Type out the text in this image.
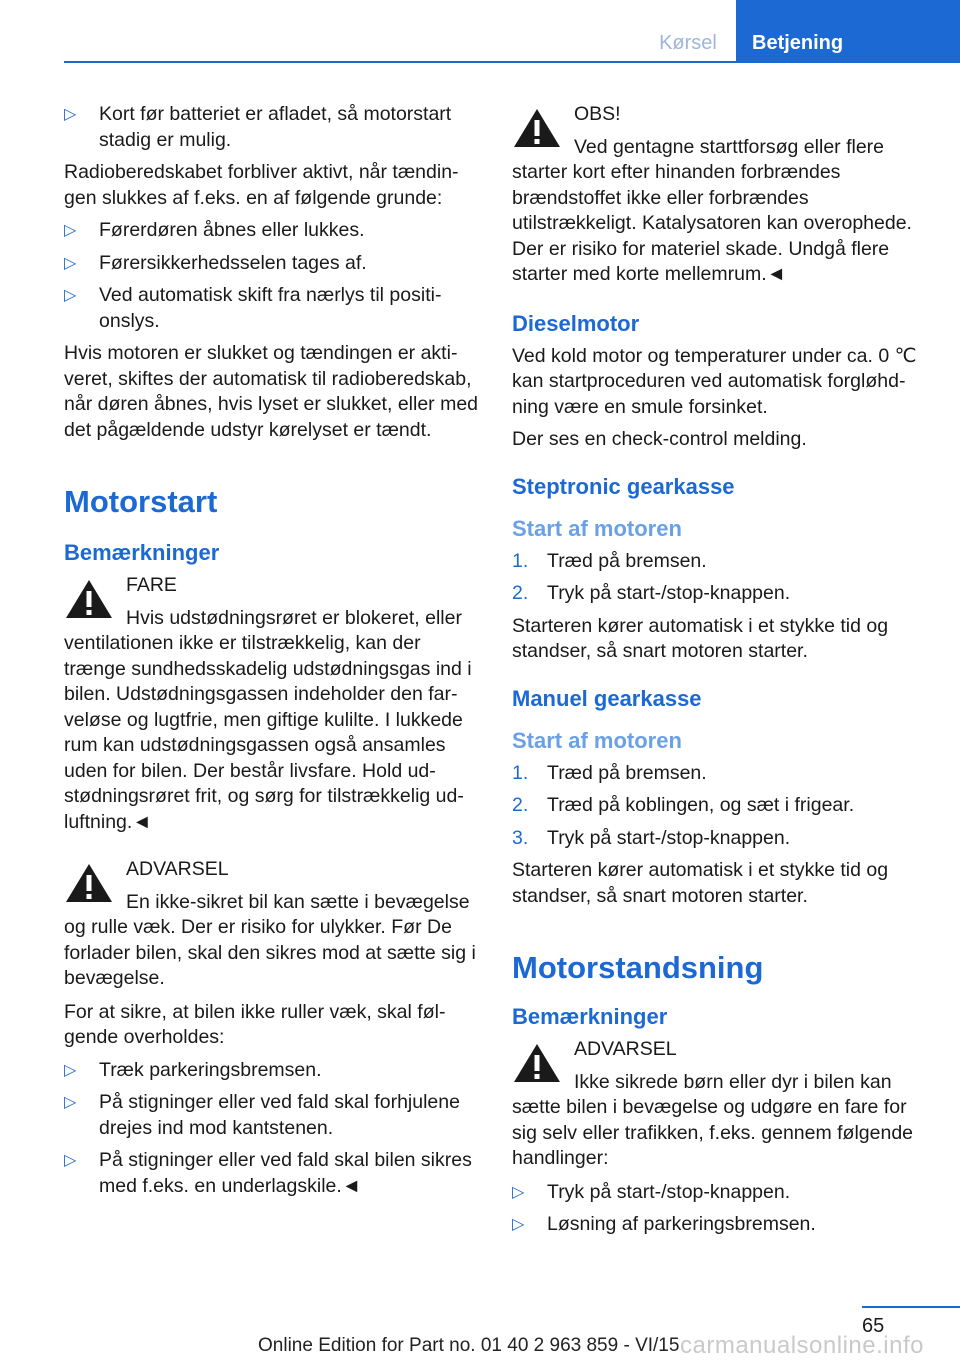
Kørsel	Betjening
▷ Kort før batteriet er afladet, så motorstart stadig er mulig.

Radioberedskabet forbliver aktivt, når tændingen slukkes af f.eks. en af følgende grunde:

▷ Førerdøren åbnes eller lukkes.
▷ Førersikkerhedsselen tages af.
▷ Ved automatisk skift fra nærlys til positionslys.

Hvis motoren er slukket og tændingen er aktiveret, skiftes der automatisk til radioberedskab, når døren åbnes, hvis lyset er slukket, eller med det pågældende udstyr kørelyset er tændt.

Motorstart
Bemærkninger
FARE
Hvis udstødningsrøret er blokeret, eller ventilationen ikke er tilstrækkelig, kan der trænge sundhedsskadelig udstødningsgas ind i bilen. Udstødningsgassen indeholder den farveløse og lugtfrie, men giftige kulilte. I lukkede rum kan udstødningsgassen også ansamles uden for bilen. Der består livsfare. Hold udstødningsrøret frit, og sørg for tilstrækkelig udluftning.◄
ADVARSEL
En ikke-sikret bil kan sætte i bevægelse og rulle væk. Der er risiko for ulykker. Før De forlader bilen, skal den sikres mod at sætte sig i bevægelse.

For at sikre, at bilen ikke ruller væk, skal følgende overholdes:

▷ Træk parkeringsbremsen.
▷ På stigninger eller ved fald skal forhjulene drejes ind mod kantstenen.
▷ På stigninger eller ved fald skal bilen sikres med f.eks. en underlagskile.◄
OBS!
Ved gentagne starttforsøg eller flere starter kort efter hinanden forbrændes brændstoffet ikke eller forbrændes utilstrækkeligt. Katalysatoren kan overophede. Der er risiko for materiel skade. Undgå flere starter med korte mellemrum.◄
Dieselmotor

Ved kold motor og temperaturer under ca. 0 ℃ kan startproceduren ved automatisk forgløhdning være en smule forsinket.

Der ses en check-control melding.

Steptronic gearkasse
Start af motoren
1. Træd på bremsen.
2. Tryk på start-/stop-knappen.

Starteren kører automatisk i et stykke tid og standser, så snart motoren starter.

Manuel gearkasse
Start af motoren
1. Træd på bremsen.
2. Træd på koblingen, og sæt i frigear.
3. Tryk på start-/stop-knappen.

Starteren kører automatisk i et stykke tid og standser, så snart motoren starter.

Motorstandsning
Bemærkninger
ADVARSEL
Ikke sikrede børn eller dyr i bilen kan sætte bilen i bevægelse og udgøre en fare for sig selv eller trafikken, f.eks. gennem følgende handlinger:
▷ Tryk på start-/stop-knappen.
▷ Løsning af parkeringsbremsen.
65
Online Edition for Part no. 01 40 2 963 859 - VI/15 carmanualsonline.info
